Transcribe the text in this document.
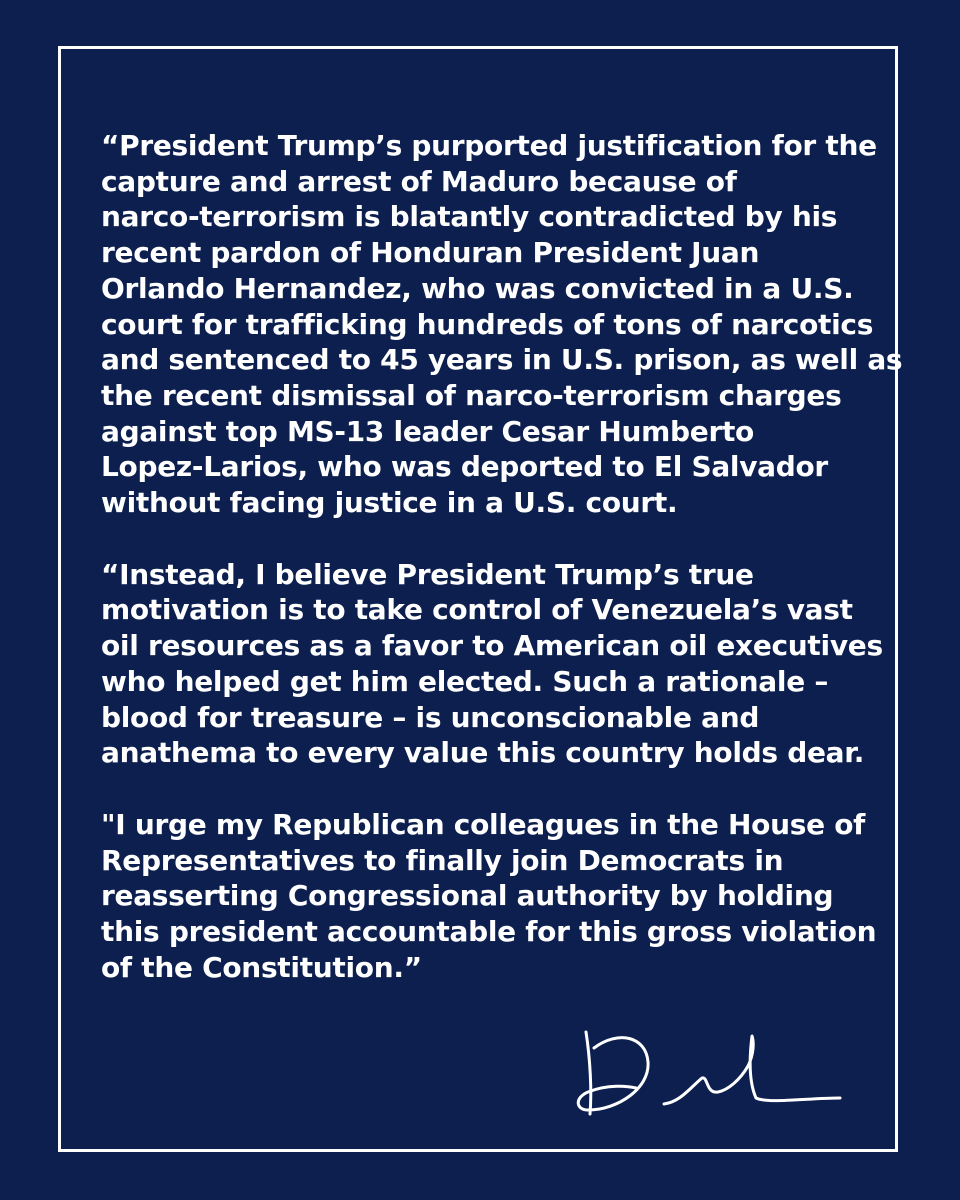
“President Trump’s purported justification for the
capture and arrest of Maduro because of
narco-terrorism is blatantly contradicted by his
recent pardon of Honduran President Juan
Orlando Hernandez, who was convicted in a U.S.
court for trafficking hundreds of tons of narcotics
and sentenced to 45 years in U.S. prison, as well as
the recent dismissal of narco-terrorism charges
against top MS-13 leader Cesar Humberto
Lopez-Larios, who was deported to El Salvador
without facing justice in a U.S. court.

“Instead, I believe President Trump’s true
motivation is to take control of Venezuela’s vast
oil resources as a favor to American oil executives
who helped get him elected. Such a rationale –
blood for treasure – is unconscionable and
anathema to every value this country holds dear.

"I urge my Republican colleagues in the House of
Representatives to finally join Democrats in
reasserting Congressional authority by holding
this president accountable for this gross violation
of the Constitution.”
